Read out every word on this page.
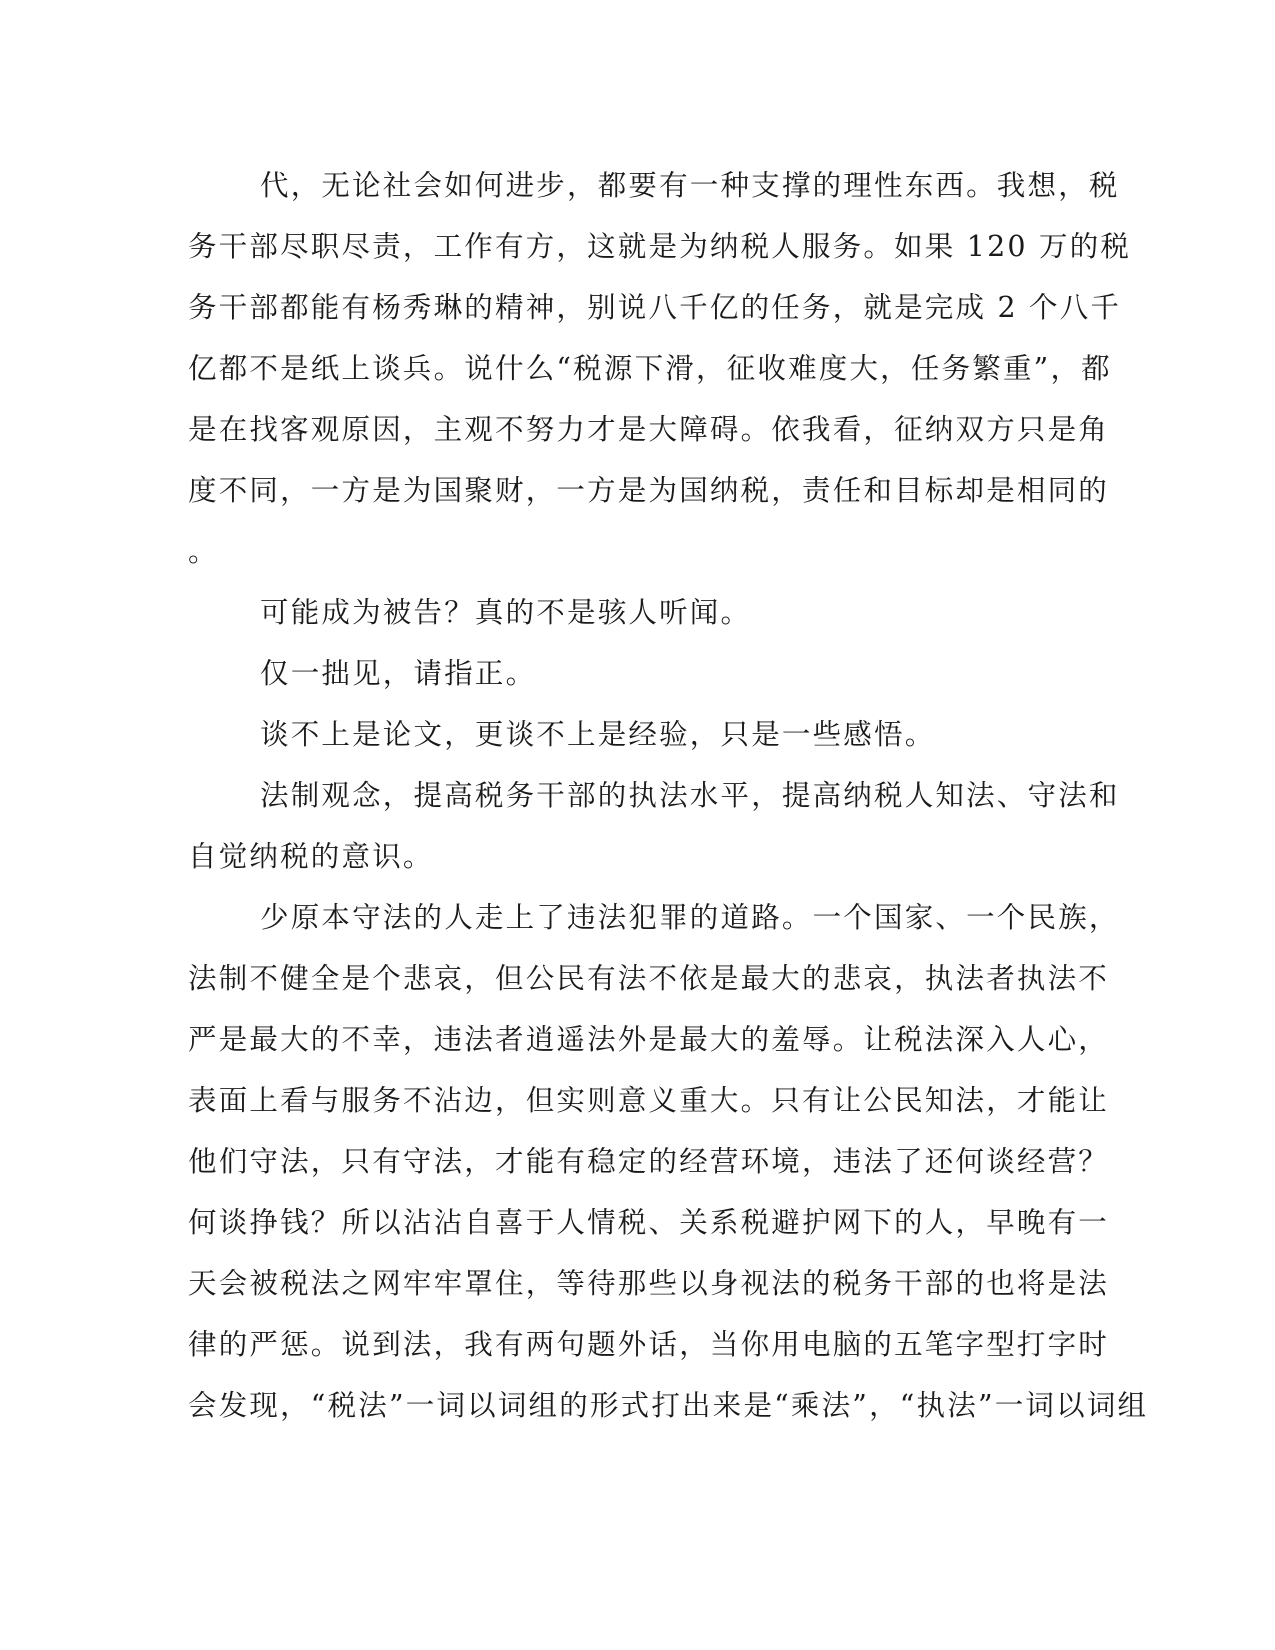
代，无论社会如何进步，都要有一种支撑的理性东西。我想，税
务干部尽职尽责，工作有方，这就是为纳税人服务。如果 120 万的税
务干部都能有杨秀琳的精神，别说八千亿的任务，就是完成 2 个八千
亿都不是纸上谈兵。说什么“税源下滑，征收难度大，任务繁重”，都
是在找客观原因，主观不努力才是大障碍。依我看，征纳双方只是角
度不同，一方是为国聚财，一方是为国纳税，责任和目标却是相同的
。
可能成为被告？真的不是骇人听闻。
仅一拙见，请指正。
谈不上是论文，更谈不上是经验，只是一些感悟。
法制观念，提高税务干部的执法水平，提高纳税人知法、守法和
自觉纳税的意识。
少原本守法的人走上了违法犯罪的道路。一个国家、一个民族，
法制不健全是个悲哀，但公民有法不依是最大的悲哀，执法者执法不
严是最大的不幸，违法者逍遥法外是最大的羞辱。让税法深入人心，
表面上看与服务不沾边，但实则意义重大。只有让公民知法，才能让
他们守法，只有守法，才能有稳定的经营环境，违法了还何谈经营？
何谈挣钱？所以沾沾自喜于人情税、关系税避护网下的人，早晚有一
天会被税法之网牢牢罩住，等待那些以身视法的税务干部的也将是法
律的严惩。说到法，我有两句题外话，当你用电脑的五笔字型打字时
会发现，“税法”一词以词组的形式打出来是“乘法”，“执法”一词以词组
